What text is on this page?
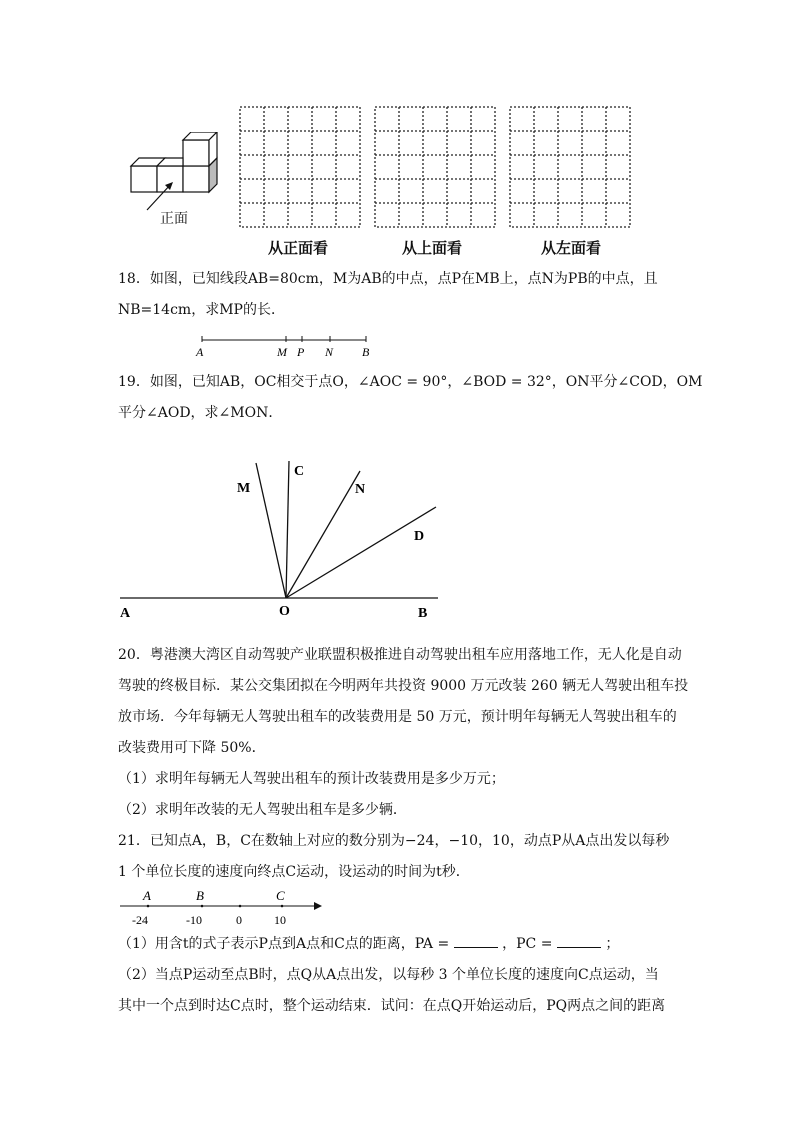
正面
从正面看	从上面看	从左面看
18．如图，已知线段AB=80cm，M为AB的中点，点P在MB上，点N为PB的中点，且
NB=14cm，求MP的长．
A	M P N B
19．如图，已知AB，OC相交于点O，∠AOC = 90°，∠BOD = 32°，ON平分∠COD，OM
平分∠AOD，求∠MON．
M
C
N
D
A	O	B
20．粤港澳大湾区自动驾驶产业联盟积极推进自动驾驶出租车应用落地工作，无人化是自动
驾驶的终极目标．某公交集团拟在今明两年共投资 9000 万元改装 260 辆无人驾驶出租车投
放市场．今年每辆无人驾驶出租车的改装费用是 50 万元，预计明年每辆无人驾驶出租车的
改装费用可下降 50%．
（1）求明年每辆无人驾驶出租车的预计改装费用是多少万元；
（2）求明年改装的无人驾驶出租车是多少辆．
21．已知点A，B，C在数轴上对应的数分别为−24，−10，10，动点P从A点出发以每秒
1 个单位长度的速度向终点C运动，设运动的时间为t秒．
A	B	C
-24	-10	0	10
（1）用含t的式子表示P点到A点和C点的距离，PA =	，PC =	；
（2）当点P运动至点B时，点Q从A点出发，以每秒 3 个单位长度的速度向C点运动，当
其中一个点到时达C点时，整个运动结束．试问：在点Q开始运动后，PQ两点之间的距离
